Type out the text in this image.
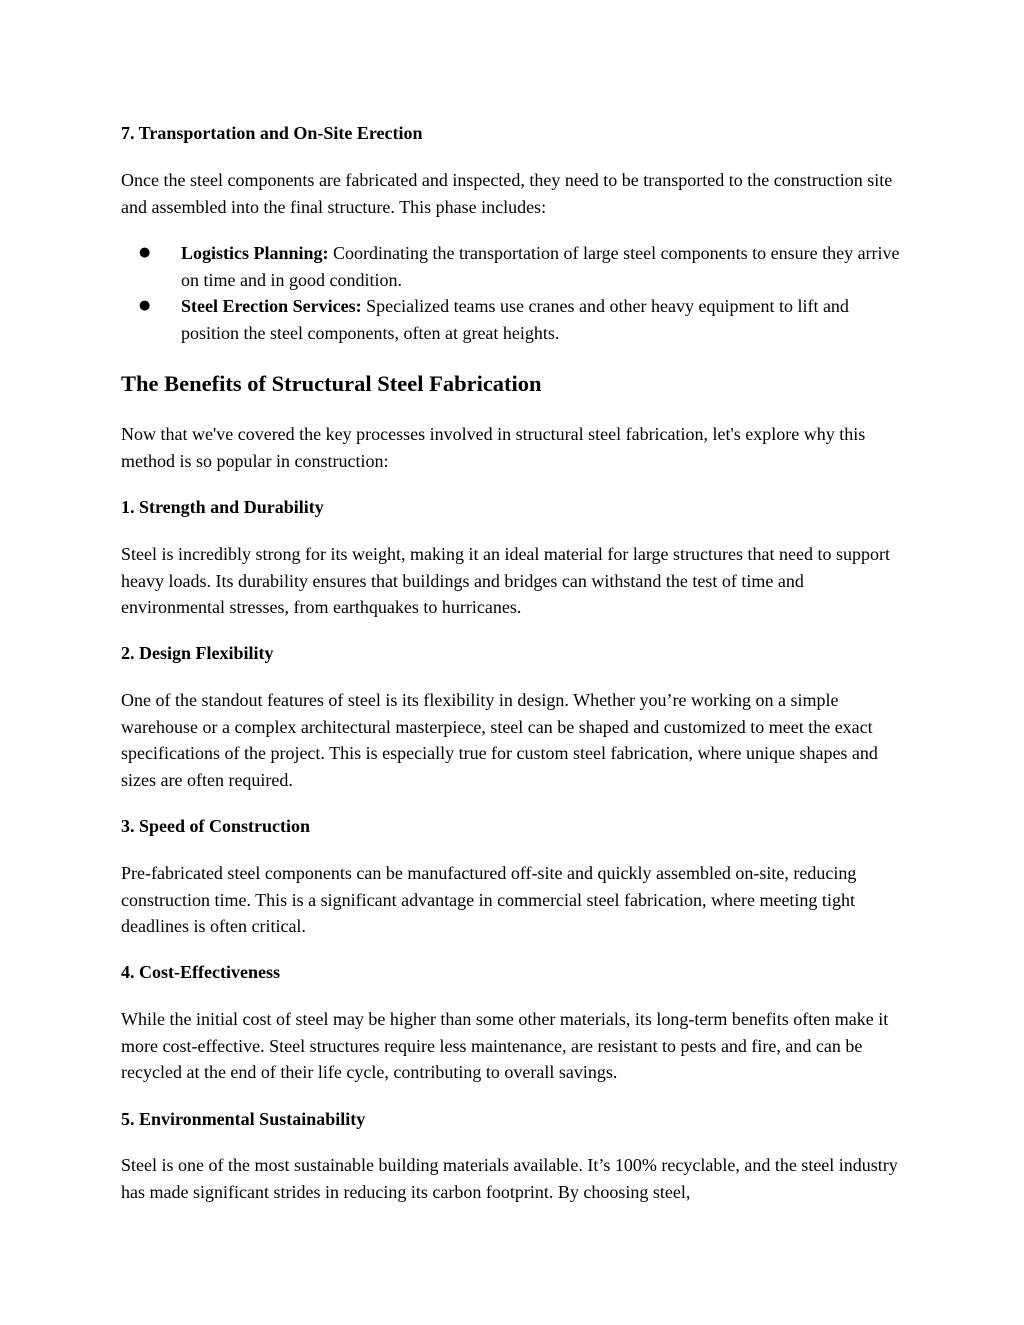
7. Transportation and On-Site Erection

Once the steel components are fabricated and inspected, they need to be transported to the construction site and assembled into the final structure. This phase includes:

● Logistics Planning: Coordinating the transportation of large steel components to ensure they arrive on time and in good condition.
● Steel Erection Services: Specialized teams use cranes and other heavy equipment to lift and position the steel components, often at great heights.
The Benefits of Structural Steel Fabrication

Now that we've covered the key processes involved in structural steel fabrication, let's explore why this method is so popular in construction:

1. Strength and Durability

Steel is incredibly strong for its weight, making it an ideal material for large structures that need to support heavy loads. Its durability ensures that buildings and bridges can withstand the test of time and environmental stresses, from earthquakes to hurricanes.

2. Design Flexibility

One of the standout features of steel is its flexibility in design. Whether you’re working on a simple warehouse or a complex architectural masterpiece, steel can be shaped and customized to meet the exact specifications of the project. This is especially true for custom steel fabrication, where unique shapes and sizes are often required.

3. Speed of Construction

Pre-fabricated steel components can be manufactured off-site and quickly assembled on-site, reducing construction time. This is a significant advantage in commercial steel fabrication, where meeting tight deadlines is often critical.

4. Cost-Effectiveness

While the initial cost of steel may be higher than some other materials, its long-term benefits often make it more cost-effective. Steel structures require less maintenance, are resistant to pests and fire, and can be recycled at the end of their life cycle, contributing to overall savings.

5. Environmental Sustainability

Steel is one of the most sustainable building materials available. It’s 100% recyclable, and the steel industry has made significant strides in reducing its carbon footprint. By choosing steel,
